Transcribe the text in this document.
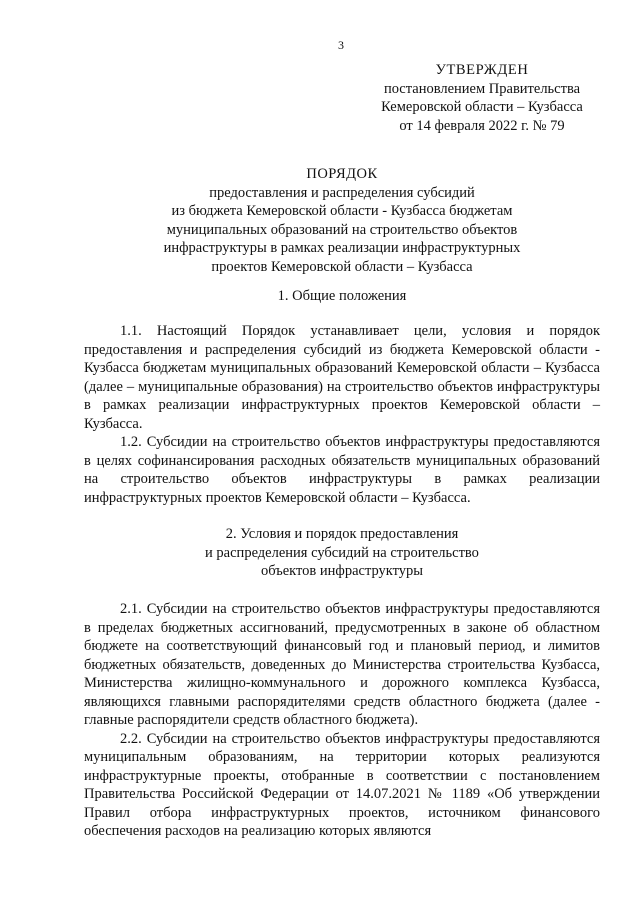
3
УТВЕРЖДЕН
постановлением Правительства
Кемеровской области – Кузбасса
от 14 февраля 2022 г. № 79
ПОРЯДОК
предоставления и распределения субсидий
из бюджета Кемеровской области - Кузбасса бюджетам
муниципальных образований на строительство объектов
инфраструктуры в рамках реализации инфраструктурных
проектов Кемеровской области – Кузбасса
1. Общие положения

1.1. Настоящий Порядок устанавливает цели, условия и порядок предоставления и распределения субсидий из бюджета Кемеровской области - Кузбасса бюджетам муниципальных образований Кемеровской области – Кузбасса (далее – муниципальные образования) на строительство объектов инфраструктуры в рамках реализации инфраструктурных проектов Кемеровской области – Кузбасса.

1.2. Субсидии на строительство объектов инфраструктуры предоставляются в целях софинансирования расходных обязательств муниципальных образований на строительство объектов инфраструктуры в рамках реализации инфраструктурных проектов Кемеровской области – Кузбасса.

2. Условия и порядок предоставления
и распределения субсидий на строительство
объектов инфраструктуры

2.1. Субсидии на строительство объектов инфраструктуры предоставляются в пределах бюджетных ассигнований, предусмотренных в законе об областном бюджете на соответствующий финансовый год и плановый период, и лимитов бюджетных обязательств, доведенных до Министерства строительства Кузбасса, Министерства жилищно-коммунального и дорожного комплекса Кузбасса, являющихся главными распорядителями средств областного бюджета (далее - главные распорядители средств областного бюджета).

2.2. Субсидии на строительство объектов инфраструктуры предоставляются муниципальным образованиям, на территории которых реализуются инфраструктурные проекты, отобранные в соответствии с постановлением Правительства Российской Федерации от 14.07.2021 № 1189 «Об утверждении Правил отбора инфраструктурных проектов, источником финансового обеспечения расходов на реализацию которых являются
